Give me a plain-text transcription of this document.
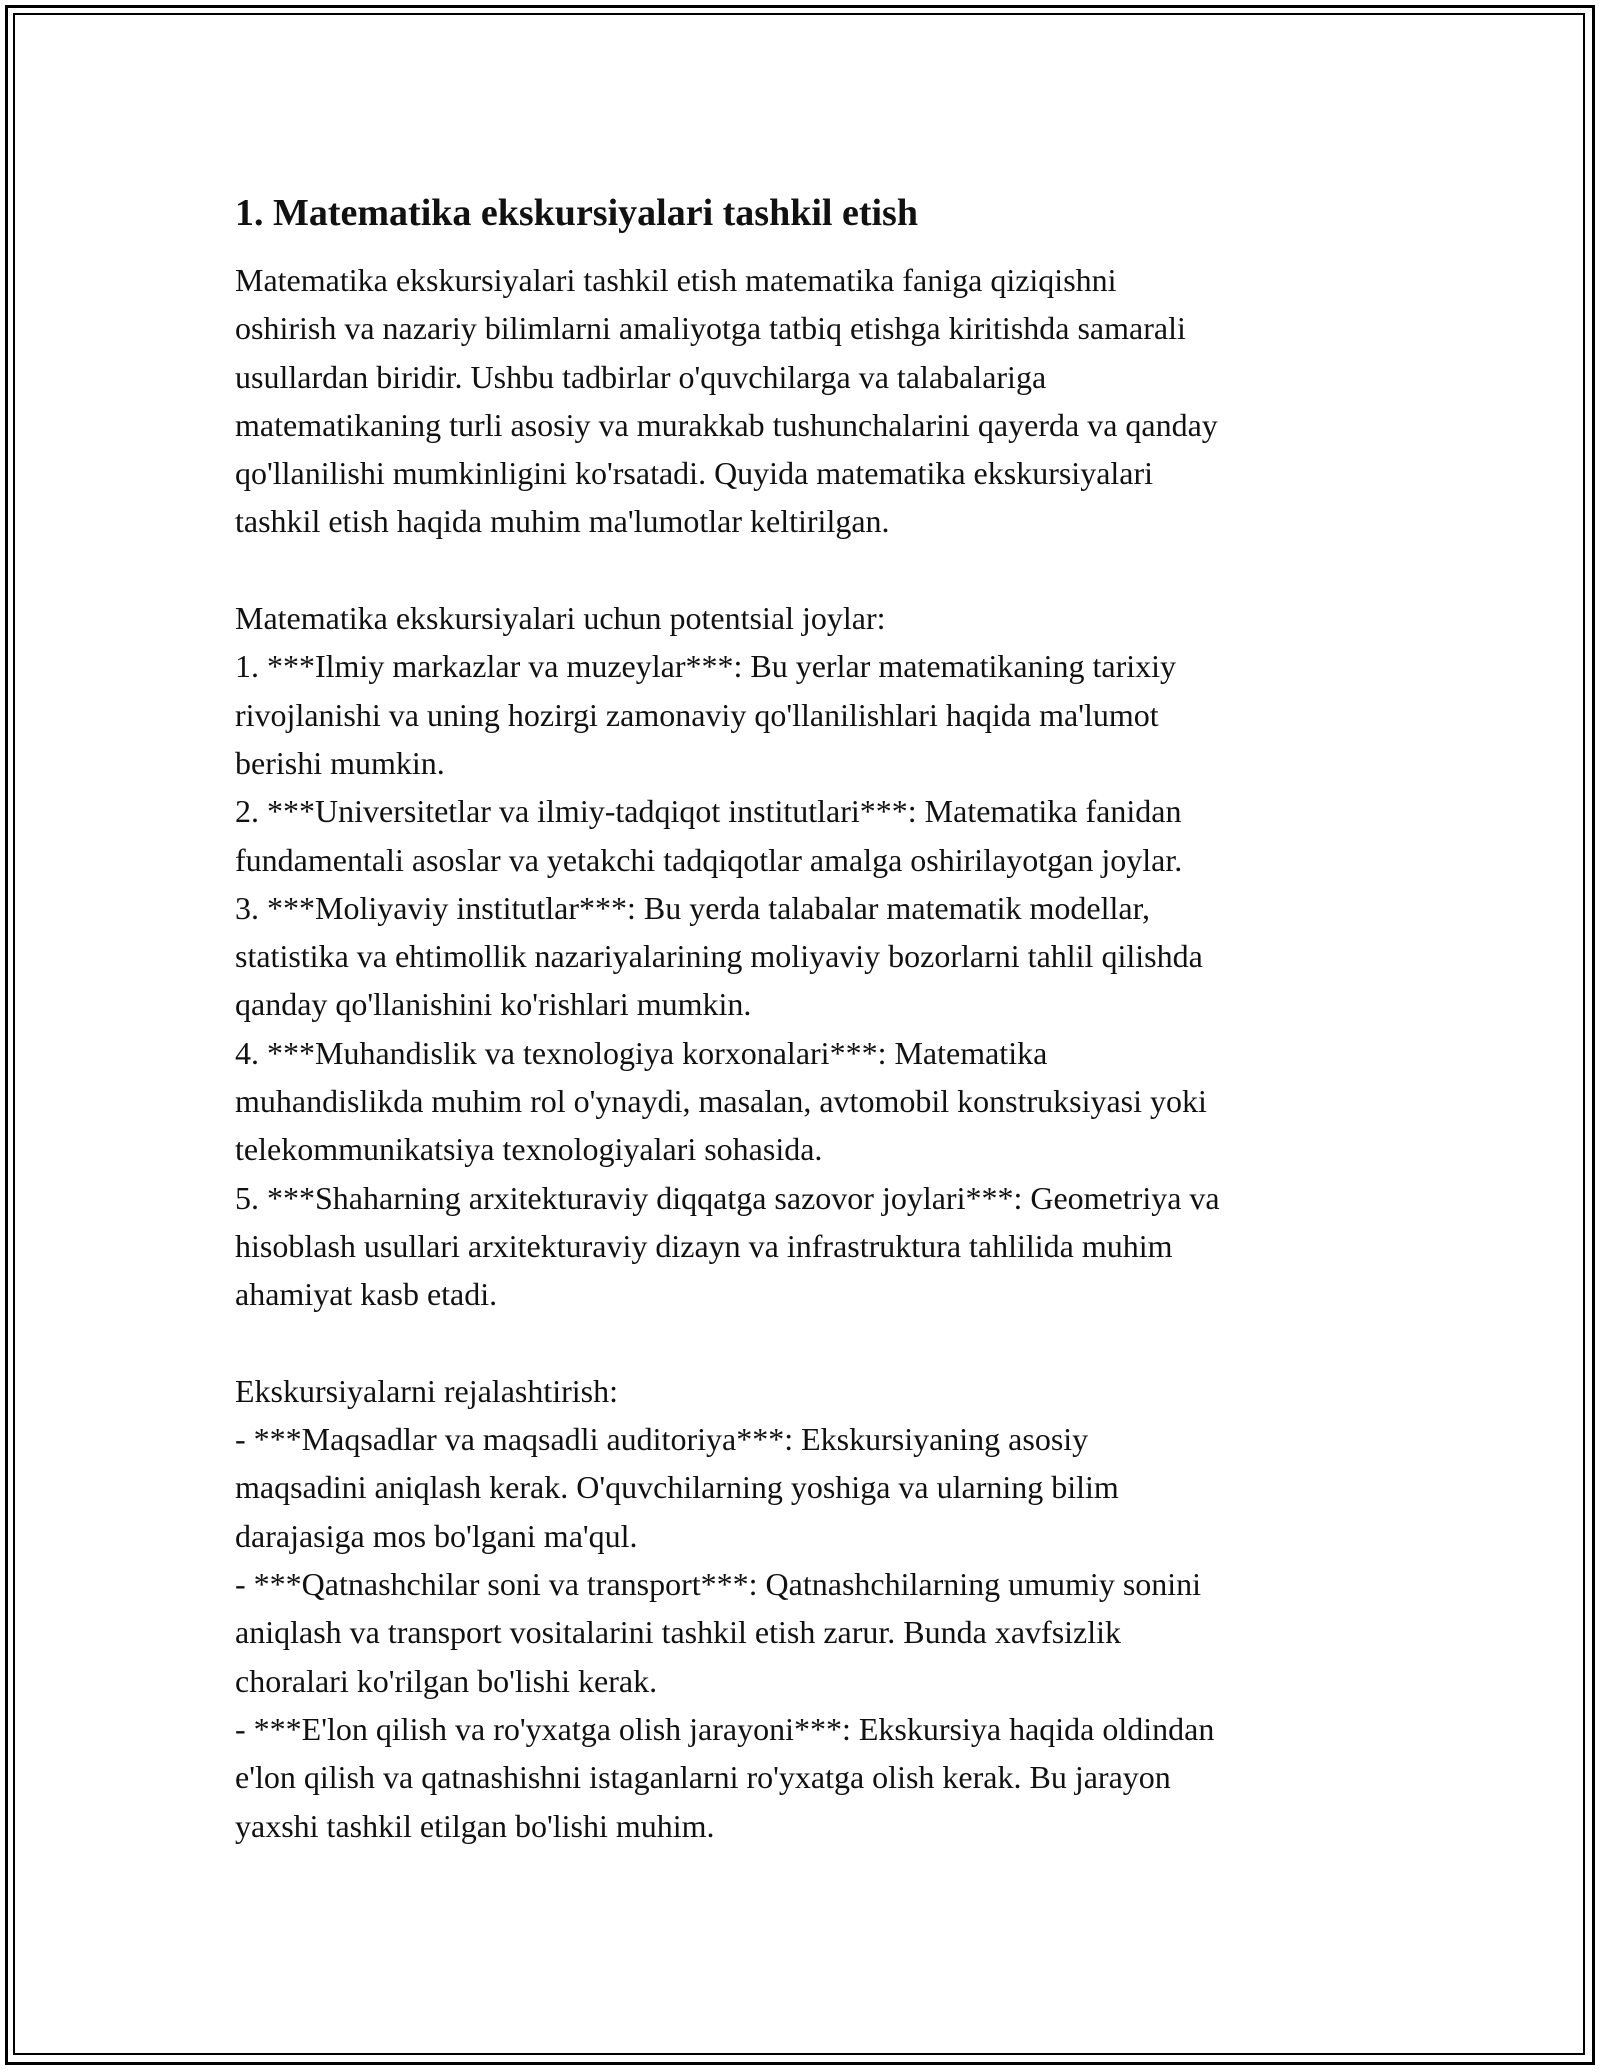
1. Matematika ekskursiyalari tashkil etish
Matematika ekskursiyalari tashkil etish matematika faniga qiziqishni
oshirish va nazariy bilimlarni amaliyotga tatbiq etishga kiritishda samarali
usullardan biridir. Ushbu tadbirlar o'quvchilarga va talabalariga
matematikaning turli asosiy va murakkab tushunchalarini qayerda va qanday
qo'llanilishi mumkinligini ko'rsatadi. Quyida matematika ekskursiyalari
tashkil etish haqida muhim ma'lumotlar keltirilgan.
Matematika ekskursiyalari uchun potentsial joylar:
1. ***Ilmiy markazlar va muzeylar***: Bu yerlar matematikaning tarixiy
rivojlanishi va uning hozirgi zamonaviy qo'llanilishlari haqida ma'lumot
berishi mumkin.
2. ***Universitetlar va ilmiy-tadqiqot institutlari***: Matematika fanidan
fundamentali asoslar va yetakchi tadqiqotlar amalga oshirilayotgan joylar.
3. ***Moliyaviy institutlar***: Bu yerda talabalar matematik modellar,
statistika va ehtimollik nazariyalarining moliyaviy bozorlarni tahlil qilishda
qanday qo'llanishini ko'rishlari mumkin.
4. ***Muhandislik va texnologiya korxonalari***: Matematika
muhandislikda muhim rol o'ynaydi, masalan, avtomobil konstruksiyasi yoki
telekommunikatsiya texnologiyalari sohasida.
5. ***Shaharning arxitekturaviy diqqatga sazovor joylari***: Geometriya va
hisoblash usullari arxitekturaviy dizayn va infrastruktura tahlilida muhim
ahamiyat kasb etadi.
Ekskursiyalarni rejalashtirish:
- ***Maqsadlar va maqsadli auditoriya***: Ekskursiyaning asosiy
maqsadini aniqlash kerak. O'quvchilarning yoshiga va ularning bilim
darajasiga mos bo'lgani ma'qul.
- ***Qatnashchilar soni va transport***: Qatnashchilarning umumiy sonini
aniqlash va transport vositalarini tashkil etish zarur. Bunda xavfsizlik
choralari ko'rilgan bo'lishi kerak.
- ***E'lon qilish va ro'yxatga olish jarayoni***: Ekskursiya haqida oldindan
e'lon qilish va qatnashishni istaganlarni ro'yxatga olish kerak. Bu jarayon
yaxshi tashkil etilgan bo'lishi muhim.
